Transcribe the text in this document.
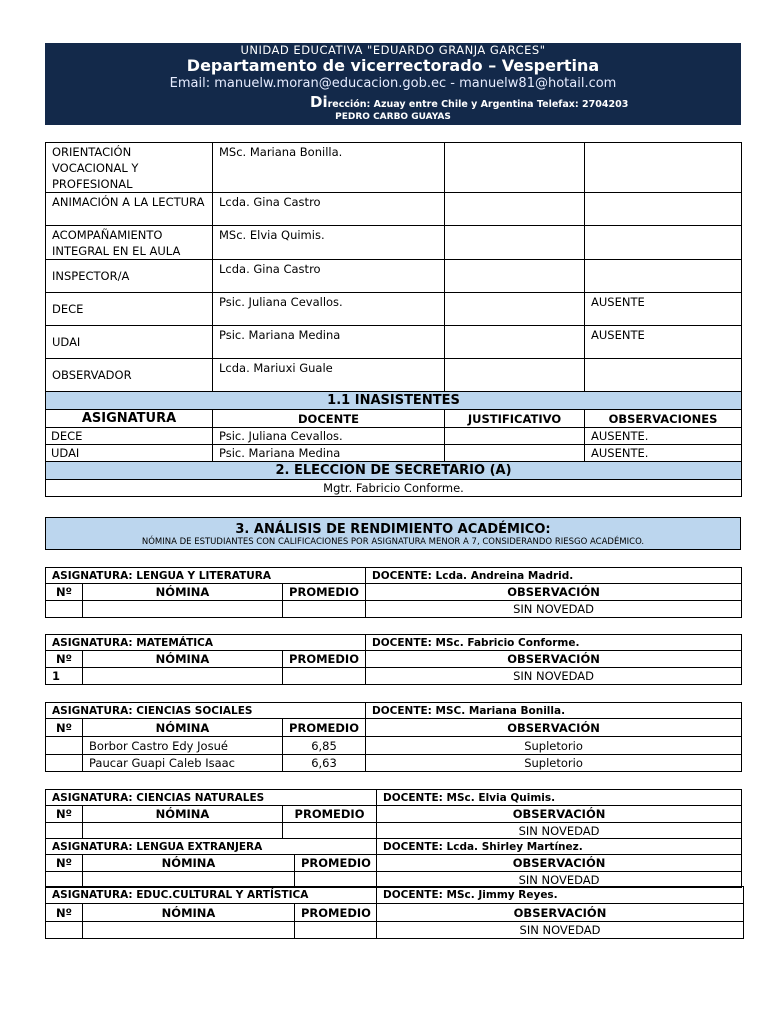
UNIDAD EDUCATIVA "EDUARDO GRANJA GARCES"
Departamento de vicerrectorado – Vespertina
Email: manuelw.moran@educacion.gob.ec - manuelw81@hotail.com
Dirección: Azuay entre Chile y Argentina Telefax: 2704203
PEDRO CARBO GUAYAS
ORIENTACIÓN VOCACIONAL Y PROFESIONAL	MSc. Mariana Bonilla.		
ANIMACIÓN A LA LECTURA	Lcda. Gina Castro		
ACOMPAÑAMIENTO INTEGRAL EN EL AULA	MSc. Elvia Quimis.		
INSPECTOR/A	Lcda. Gina Castro		
DECE	Psic. Juliana Cevallos.		AUSENTE
UDAI	Psic. Mariana Medina		AUSENTE
OBSERVADOR	Lcda. Mariuxi Guale		
1.1 INASISTENTES			
ASIGNATURA	DOCENTE	JUSTIFICATIVO	OBSERVACIONES
DECE	Psic. Juliana Cevallos.		AUSENTE.
UDAI	Psic. Mariana Medina		AUSENTE.
2. ELECCION DE SECRETARIO (A)			
Mgtr. Fabricio Conforme.			
3. ANÁLISIS DE RENDIMIENTO ACADÉMICO:
NÓMINA DE ESTUDIANTES CON CALIFICACIONES POR ASIGNATURA MENOR A 7, CONSIDERANDO RIESGO ACADÉMICO.
ASIGNATURA: LENGUA Y LITERATURA			DOCENTE: Lcda. Andreina Madrid.
Nº	NÓMINA	PROMEDIO	OBSERVACIÓN
			SIN NOVEDAD
ASIGNATURA: MATEMÁTICA			DOCENTE: MSc. Fabricio Conforme.
Nº	NÓMINA	PROMEDIO	OBSERVACIÓN
1			SIN NOVEDAD
ASIGNATURA: CIENCIAS SOCIALES			DOCENTE: MSC. Mariana Bonilla.
Nº	NÓMINA	PROMEDIO	OBSERVACIÓN
	Borbor Castro Edy Josué	6,85	Supletorio
	Paucar Guapi Caleb Isaac	6,63	Supletorio
ASIGNATURA: CIENCIAS NATURALES				DOCENTE: MSc. Elvia Quimis.
Nº	NÓMINA	PROMEDIO		OBSERVACIÓN
				SIN NOVEDAD
ASIGNATURA: LENGUA EXTRANJERA				DOCENTE: Lcda. Shirley Martínez.
Nº	NÓMINA		PROMEDIO	OBSERVACIÓN
				SIN NOVEDAD
ASIGNATURA: EDUC.CULTURAL Y ARTÍSTICA			DOCENTE: MSc. Jimmy Reyes.
Nº	NÓMINA	PROMEDIO	OBSERVACIÓN
			SIN NOVEDAD
